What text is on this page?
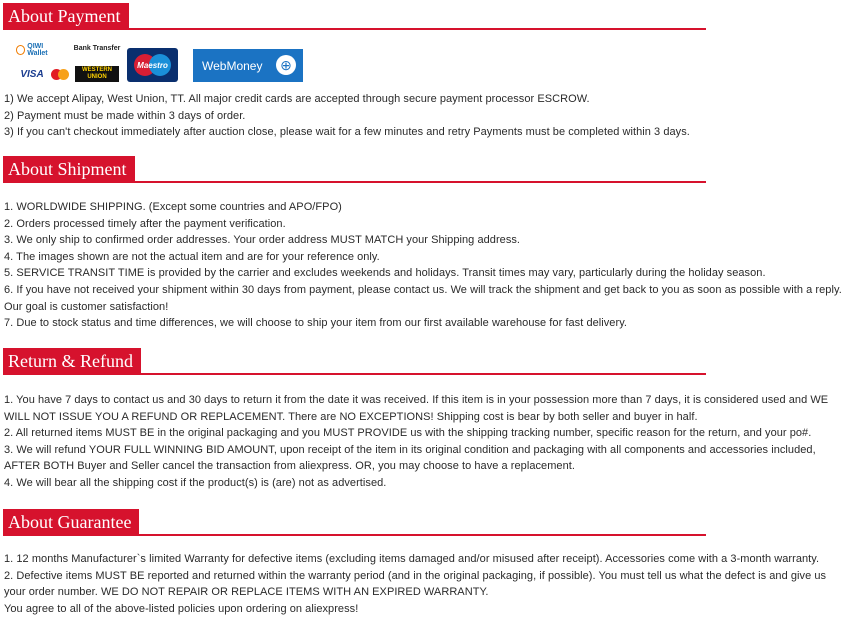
About Payment
QIWI Wallet
Bank Transfer
VISA	WESTERN
UNION
Maestro	WebMoney ⊕

1) We accept Alipay, West Union, TT. All major credit cards are accepted through secure payment processor ESCROW.

2) Payment must be made within 3 days of order.

3) If you can't checkout immediately after auction close, please wait for a few minutes and retry Payments must be completed within 3 days.

About Shipment

1. WORLDWIDE SHIPPING. (Except some countries and APO/FPO)

2. Orders processed timely after the payment verification.

3. We only ship to confirmed order addresses. Your order address MUST MATCH your Shipping address.

4. The images shown are not the actual item and are for your reference only.

5. SERVICE TRANSIT TIME is provided by the carrier and excludes weekends and holidays. Transit times may vary, particularly during the holiday season.

6. If you have not received your shipment within 30 days from payment, please contact us. We will track the shipment and get back to you as soon as possible with a reply. Our goal is customer satisfaction!

7. Due to stock status and time differences, we will choose to ship your item from our first available warehouse for fast delivery.

Return & Refund

1. You have 7 days to contact us and 30 days to return it from the date it was received. If this item is in your possession more than 7 days, it is considered used and WE WILL NOT ISSUE YOU A REFUND OR REPLACEMENT. There are NO EXCEPTIONS! Shipping cost is bear by both seller and buyer in half.

2. All returned items MUST BE in the original packaging and you MUST PROVIDE us with the shipping tracking number, specific reason for the return, and your po#.

3. We will refund YOUR FULL WINNING BID AMOUNT, upon receipt of the item in its original condition and packaging with all components and accessories included, AFTER BOTH Buyer and Seller cancel the transaction from aliexpress. OR, you may choose to have a replacement.

4. We will bear all the shipping cost if the product(s) is (are) not as advertised.

About Guarantee

1. 12 months Manufacturer`s limited Warranty for defective items (excluding items damaged and/or misused after receipt). Accessories come with a 3-month warranty.

2. Defective items MUST BE reported and returned within the warranty period (and in the original packaging, if possible). You must tell us what the defect is and give us your order number. WE DO NOT REPAIR OR REPLACE ITEMS WITH AN EXPIRED WARRANTY.

You agree to all of the above-listed policies upon ordering on aliexpress!
